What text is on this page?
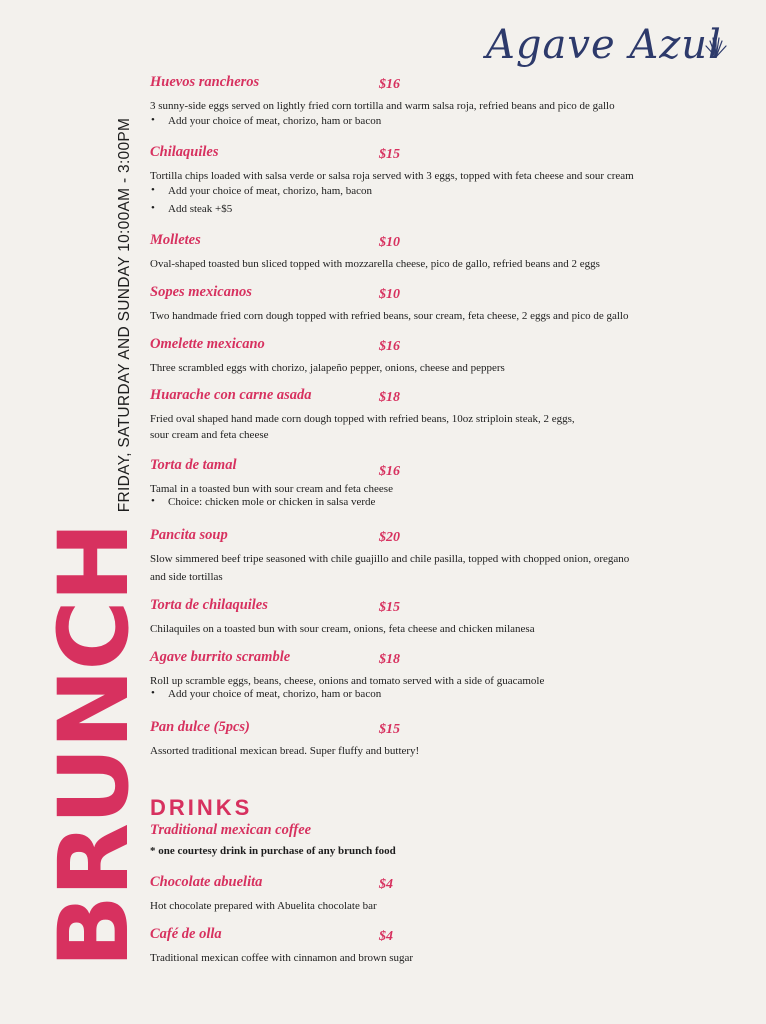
Agave Azul
FRIDAY, SATURDAY AND SUNDAY 10:00AM - 3:00PM
BRUNCH
Huevos rancheros	$16
3 sunny-side eggs served on lightly fried corn tortilla and warm salsa roja, refried beans and pico de gallo
• Add your choice of meat, chorizo, ham or bacon
Chilaquiles	$15
Tortilla chips loaded with salsa verde or salsa roja served with 3 eggs, topped with feta cheese and sour cream
• Add your choice of meat, chorizo, ham, bacon
• Add steak +$5
Molletes	$10
Oval-shaped toasted bun sliced topped with mozzarella cheese, pico de gallo, refried beans and 2 eggs
Sopes mexicanos	$10
Two handmade fried corn dough topped with refried beans, sour cream, feta cheese, 2 eggs and pico de gallo
Omelette mexicano	$16
Three scrambled eggs with chorizo, jalapeño pepper, onions, cheese and peppers
Huarache con carne asada	$18
Fried oval shaped hand made corn dough topped with refried beans, 10oz striploin steak, 2 eggs,
sour cream and feta cheese
Torta de tamal	$16
Tamal in a toasted bun with sour cream and feta cheese
• Choice: chicken mole or chicken in salsa verde
Pancita soup	$20
Slow simmered beef tripe seasoned with chile guajillo and chile pasilla, topped with chopped onion, oregano
and side tortillas
Torta de chilaquiles	$15
Chilaquiles on a toasted bun with sour cream, onions, feta cheese and chicken milanesa
Agave burrito scramble	$18
Roll up scramble eggs, beans, cheese, onions and tomato served with a side of guacamole
• Add your choice of meat, chorizo, ham or bacon
Pan dulce (5pcs)	$15
Assorted traditional mexican bread. Super fluffy and buttery!
DRINKS
Traditional mexican coffee
* one courtesy drink in purchase of any brunch food
Chocolate abuelita	$4
Hot chocolate prepared with Abuelita chocolate bar
Café de olla	$4
Traditional mexican coffee with cinnamon and brown sugar
